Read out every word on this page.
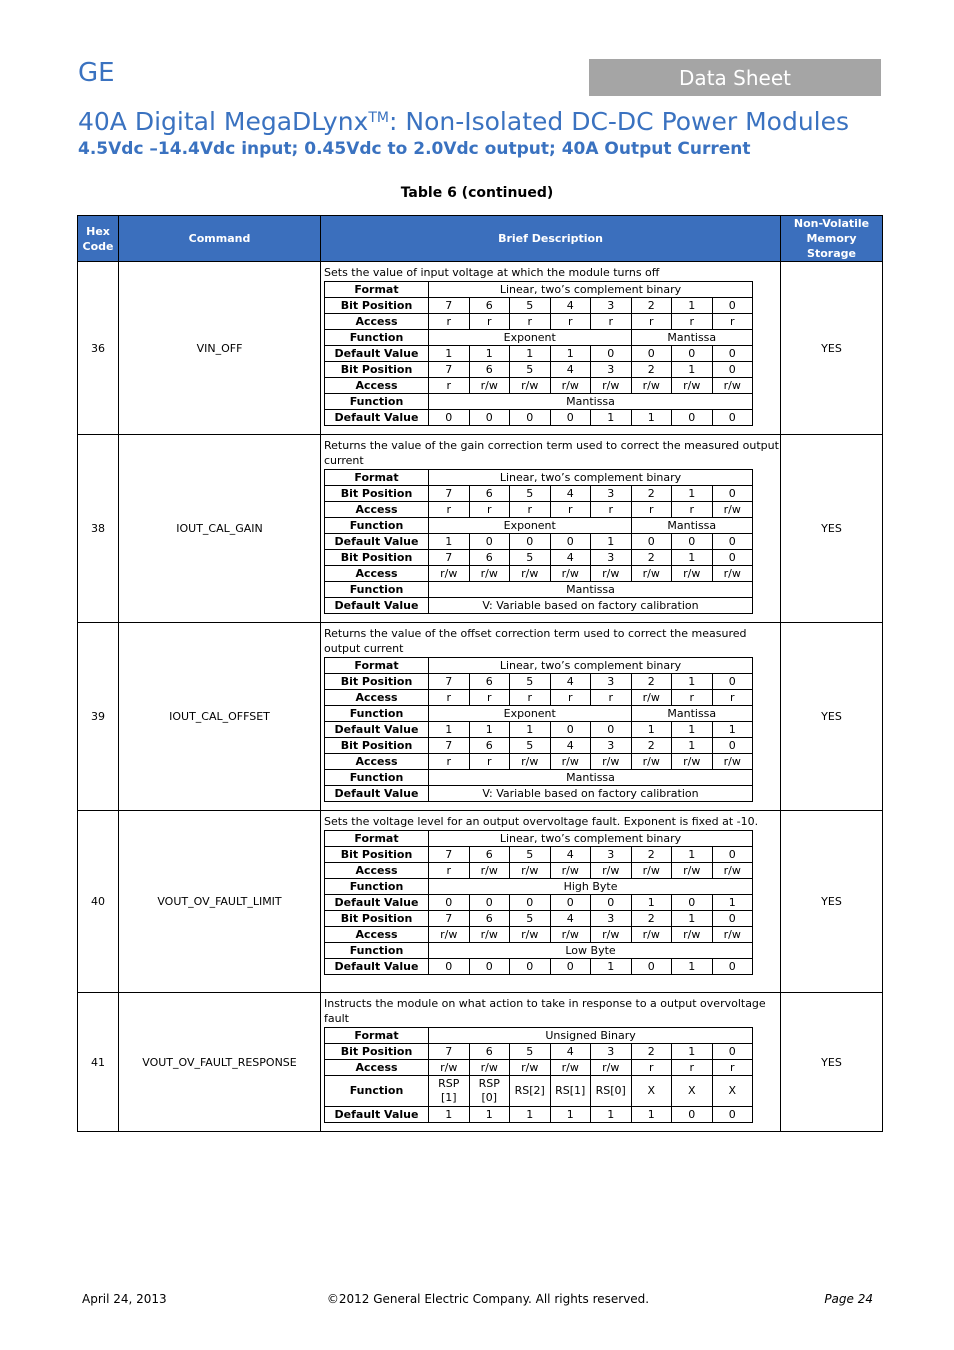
GE	Data Sheet
40A Digital MegaDLynx™: Non-Isolated DC-DC Power Modules
4.5Vdc –14.4Vdc input; 0.45Vdc to 2.0Vdc output; 40A Output Current
Table 6 (continued)
Hex Code	Command	Brief Description	Non-Volatile Memory Storage
36	VIN_OFF	
Sets the value of input voltage at which the module turns off
Format	Linear, two’s complement binary
Bit Position	7	6	5	4	3	2	1	0
Access	r	r	r	r	r	r	r	r
Function	Exponent	Mantissa
Default Value	1	1	1	1	0	0	0	0
Bit Position	7	6	5	4	3	2	1	0
Access	r	r/w	r/w	r/w	r/w	r/w	r/w	r/w
Function	Mantissa
Default Value	0	0	0	0	1	1	0	0
	YES
38	IOUT_CAL_GAIN	
Returns the value of the gain correction term used to correct the measured output current
Format	Linear, two’s complement binary
Bit Position	7	6	5	4	3	2	1	0
Access	r	r	r	r	r	r	r	r/w
Function	Exponent	Mantissa
Default Value	1	0	0	0	1	0	0	0
Bit Position	7	6	5	4	3	2	1	0
Access	r/w	r/w	r/w	r/w	r/w	r/w	r/w	r/w
Function	Mantissa
Default Value	V: Variable based on factory calibration
	YES
39	IOUT_CAL_OFFSET	
Returns the value of the offset correction term used to correct the measured output current
Format	Linear, two’s complement binary
Bit Position	7	6	5	4	3	2	1	0
Access	r	r	r	r	r	r/w	r	r
Function	Exponent	Mantissa
Default Value	1	1	1	0	0	1	1	1
Bit Position	7	6	5	4	3	2	1	0
Access	r	r	r/w	r/w	r/w	r/w	r/w	r/w
Function	Mantissa
Default Value	V: Variable based on factory calibration
	YES
40	VOUT_OV_FAULT_LIMIT	
Sets the voltage level for an output overvoltage fault. Exponent is fixed at -10.
Format	Linear, two’s complement binary
Bit Position	7	6	5	4	3	2	1	0
Access	r	r/w	r/w	r/w	r/w	r/w	r/w	r/w
Function	High Byte
Default Value	0	0	0	0	0	1	0	1
Bit Position	7	6	5	4	3	2	1	0
Access	r/w	r/w	r/w	r/w	r/w	r/w	r/w	r/w
Function	Low Byte
Default Value	0	0	0	0	1	0	1	0
	YES
41	VOUT_OV_FAULT_RESPONSE	
Instructs the module on what action to take in response to a output overvoltage fault
Format	Unsigned Binary
Bit Position	7	6	5	4	3	2	1	0
Access	r/w	r/w	r/w	r/w	r/w	r	r	r
Function	RSP [1]	RSP [0]	RS[2]	RS[1]	RS[0]	X	X	X
Default Value	1	1	1	1	1	1	0	0
	YES
April 24, 2013	©2012 General Electric Company. All rights reserved.	Page 24
